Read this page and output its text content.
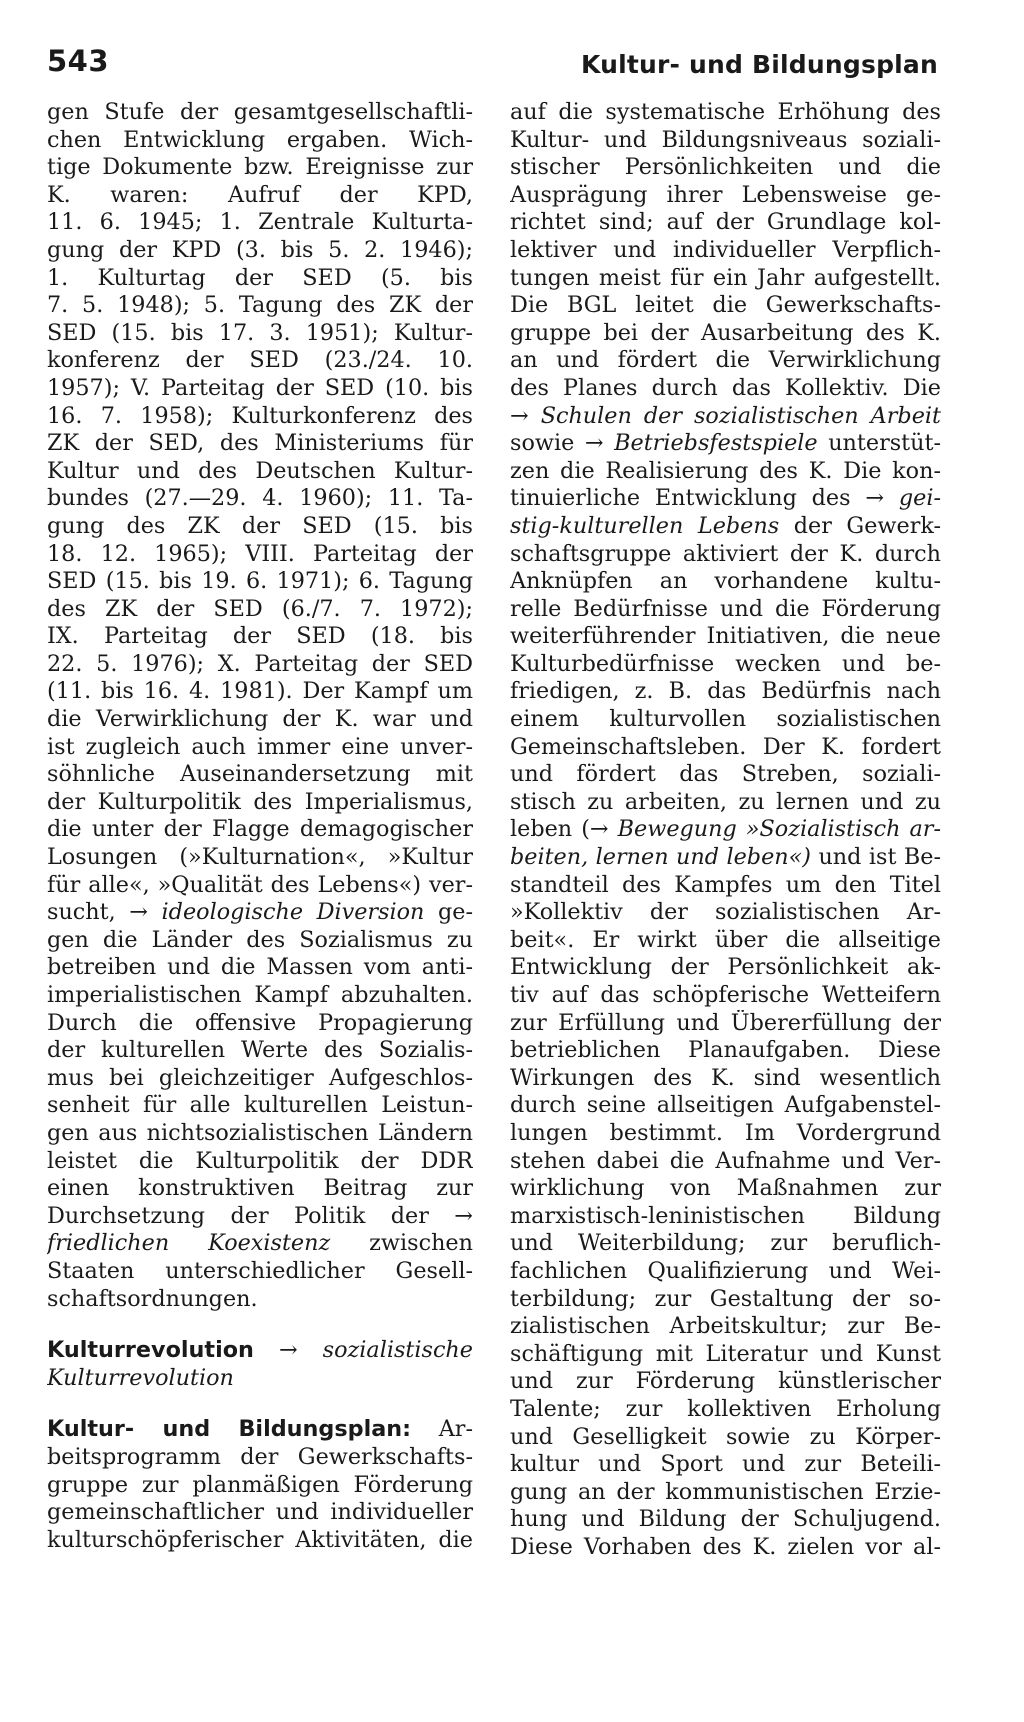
543	Kultur- und Bildungsplan
gen Stufe der gesamtgesellschaftli-
chen Entwicklung ergaben. Wich-
tige Dokumente bzw. Ereignisse zur
K. waren: Aufruf der KPD,
11. 6. 1945; 1. Zentrale Kulturta-
gung der KPD (3. bis 5. 2. 1946);
1. Kulturtag der SED (5. bis
7. 5. 1948); 5. Tagung des ZK der
SED (15. bis 17. 3. 1951); Kultur-
konferenz der SED (23./24. 10.
1957); V. Parteitag der SED (10. bis
16. 7. 1958); Kulturkonferenz des
ZK der SED, des Ministeriums für
Kultur und des Deutschen Kultur-
bundes (27.—29. 4. 1960); 11. Ta-
gung des ZK der SED (15. bis
18. 12. 1965); VIII. Parteitag der
SED (15. bis 19. 6. 1971); 6. Tagung
des ZK der SED (6./7. 7. 1972);
IX. Parteitag der SED (18. bis
22. 5. 1976); X. Parteitag der SED
(11. bis 16. 4. 1981). Der Kampf um
die Verwirklichung der K. war und
ist zugleich auch immer eine unver-
söhnliche Auseinandersetzung mit
der Kulturpolitik des Imperialismus,
die unter der Flagge demagogischer
Losungen (»Kulturnation«, »Kultur
für alle«, »Qualität des Lebens«) ver-
sucht, → ideologische Diversion ge-
gen die Länder des Sozialismus zu
betreiben und die Massen vom anti-
imperialistischen Kampf abzuhalten.
Durch die offensive Propagierung
der kulturellen Werte des Sozialis-
mus bei gleichzeitiger Aufgeschlos-
senheit für alle kulturellen Leistun-
gen aus nichtsozialistischen Ländern
leistet die Kulturpolitik der DDR
einen konstruktiven Beitrag zur
Durchsetzung der Politik der →
friedlichen Koexistenz zwischen
Staaten unterschiedlicher Gesell-
schaftsordnungen.
Kulturrevolution → sozialistische
Kulturrevolution
Kultur- und Bildungsplan: Ar-
beitsprogramm der Gewerkschafts-
gruppe zur planmäßigen Förderung
gemeinschaftlicher und individueller
kulturschöpferischer Aktivitäten, die
auf die systematische Erhöhung des
Kultur- und Bildungsniveaus soziali-
stischer Persönlichkeiten und die
Ausprägung ihrer Lebensweise ge-
richtet sind; auf der Grundlage kol-
lektiver und individueller Verpflich-
tungen meist für ein Jahr aufgestellt.
Die BGL leitet die Gewerkschafts-
gruppe bei der Ausarbeitung des K.
an und fördert die Verwirklichung
des Planes durch das Kollektiv. Die
→ Schulen der sozialistischen Arbeit
sowie → Betriebsfestspiele unterstüt-
zen die Realisierung des K. Die kon-
tinuierliche Entwicklung des → gei-
stig-kulturellen Lebens der Gewerk-
schaftsgruppe aktiviert der K. durch
Anknüpfen an vorhandene kultu-
relle Bedürfnisse und die Förderung
weiterführender Initiativen, die neue
Kulturbedürfnisse wecken und be-
friedigen, z. B. das Bedürfnis nach
einem kulturvollen sozialistischen
Gemeinschaftsleben. Der K. fordert
und fördert das Streben, soziali-
stisch zu arbeiten, zu lernen und zu
leben (→ Bewegung »Sozialistisch ar-
beiten, lernen und leben«) und ist Be-
standteil des Kampfes um den Titel
»Kollektiv der sozialistischen Ar-
beit«. Er wirkt über die allseitige
Entwicklung der Persönlichkeit ak-
tiv auf das schöpferische Wetteifern
zur Erfüllung und Übererfüllung der
betrieblichen Planaufgaben. Diese
Wirkungen des K. sind wesentlich
durch seine allseitigen Aufgabenstel-
lungen bestimmt. Im Vordergrund
stehen dabei die Aufnahme und Ver-
wirklichung von Maßnahmen zur
marxistisch-leninistischen Bildung
und Weiterbildung; zur beruflich-
fachlichen Qualifizierung und Wei-
terbildung; zur Gestaltung der so-
zialistischen Arbeitskultur; zur Be-
schäftigung mit Literatur und Kunst
und zur Förderung künstlerischer
Talente; zur kollektiven Erholung
und Geselligkeit sowie zu Körper-
kultur und Sport und zur Beteili-
gung an der kommunistischen Erzie-
hung und Bildung der Schuljugend.
Diese Vorhaben des K. zielen vor al-
